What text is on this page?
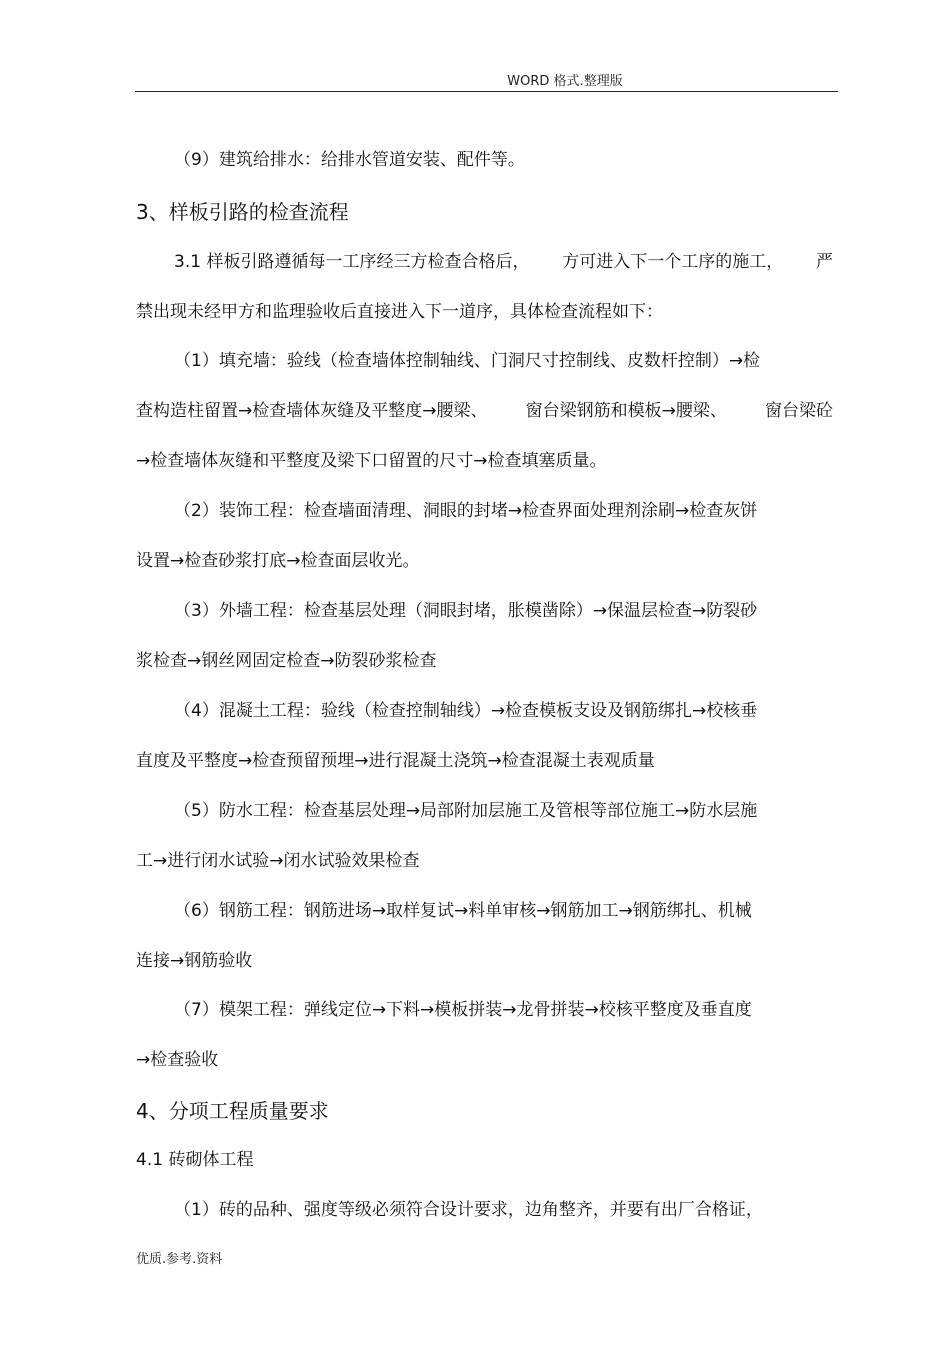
WORD 格式.整理版
（9）建筑给排水：给排水管道安装、配件等。
3、样板引路的检查流程
3.1 样板引路遵循每一工序经三方检查合格后， 方可进入下一个工序的施工， 严
禁出现未经甲方和监理验收后直接进入下一道序，具体检查流程如下：
（1）填充墙：验线（检查墙体控制轴线、门洞尺寸控制线、皮数杆控制）→检
查构造柱留置→检查墙体灰缝及平整度→腰梁、 窗台梁钢筋和模板→腰梁、 窗台梁砼
→检查墙体灰缝和平整度及梁下口留置的尺寸→检查填塞质量。
（2）装饰工程：检查墙面清理、洞眼的封堵→检查界面处理剂涂刷→检查灰饼
设置→检查砂浆打底→检查面层收光。
（3）外墙工程：检查基层处理（洞眼封堵，胀模凿除）→保温层检查→防裂砂
浆检查→钢丝网固定检查→防裂砂浆检查
（4）混凝土工程：验线（检查控制轴线）→检查模板支设及钢筋绑扎→校核垂
直度及平整度→检查预留预埋→进行混凝土浇筑→检查混凝土表观质量
（5）防水工程：检查基层处理→局部附加层施工及管根等部位施工→防水层施
工→进行闭水试验→闭水试验效果检查
（6）钢筋工程：钢筋进场→取样复试→料单审核→钢筋加工→钢筋绑扎、机械
连接→钢筋验收
（7）模架工程：弹线定位→下料→模板拼装→龙骨拼装→校核平整度及垂直度
→检查验收
4、分项工程质量要求
4.1 砖砌体工程
（1）砖的品种、强度等级必须符合设计要求，边角整齐，并要有出厂合格证，
优质.参考.资料
